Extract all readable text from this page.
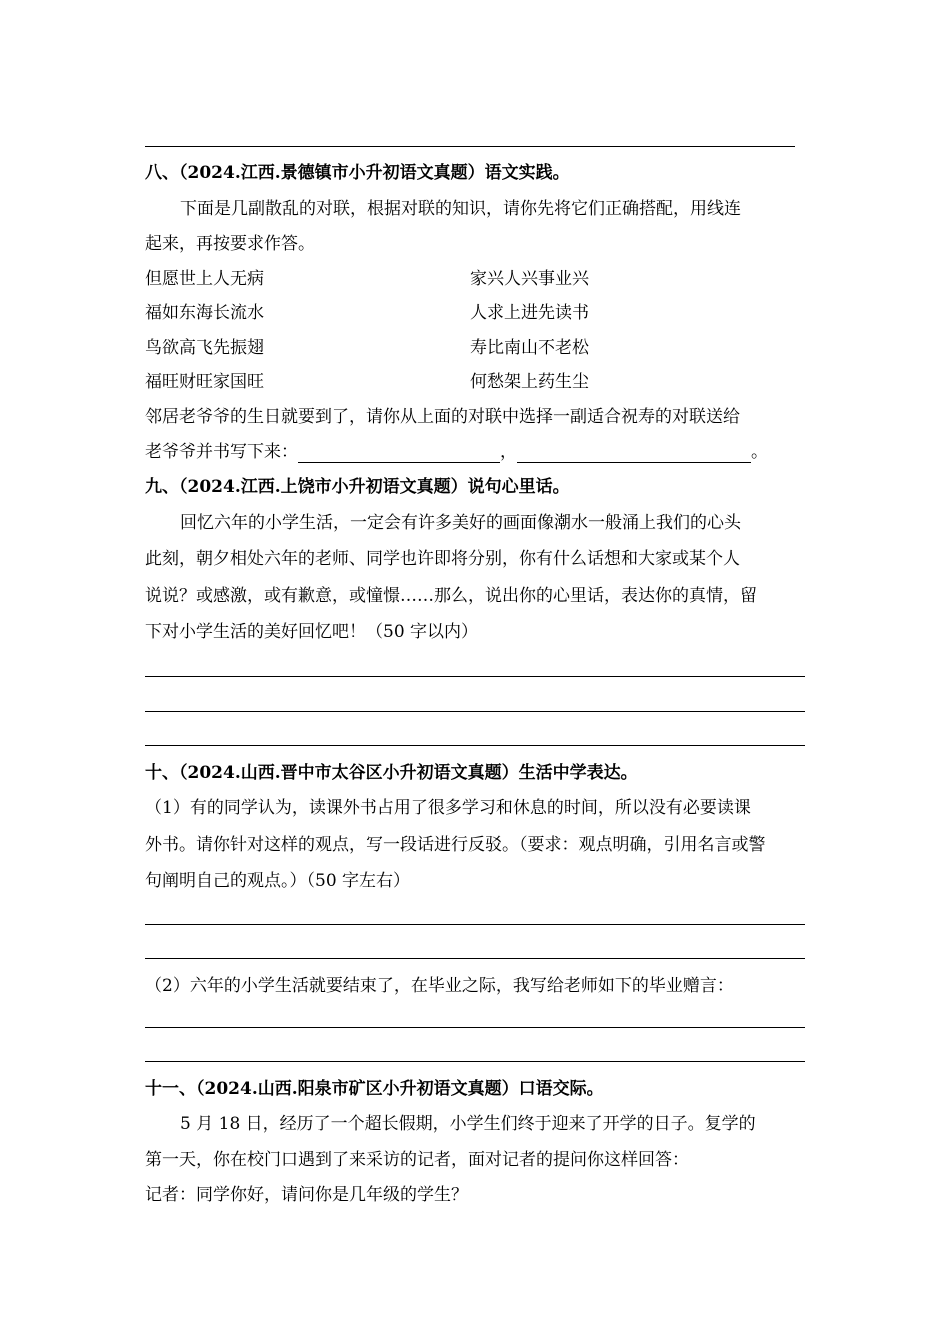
八、（2024.江西.景德镇市小升初语文真题）语文实践。
下面是几副散乱的对联，根据对联的知识，请你先将它们正确搭配，用线连
起来，再按要求作答。
但愿世上人无病	家兴人兴事业兴
福如东海长流水	人求上进先读书
鸟欲高飞先振翅	寿比南山不老松
福旺财旺家国旺	何愁架上药生尘
邻居老爷爷的生日就要到了，请你从上面的对联中选择一副适合祝寿的对联送给
老爷爷并书写下来：	，	。
九、（2024.江西.上饶市小升初语文真题）说句心里话。
回忆六年的小学生活，一定会有许多美好的画面像潮水一般涌上我们的心头
此刻，朝夕相处六年的老师、同学也许即将分别，你有什么话想和大家或某个人
说说？或感激，或有歉意，或憧憬……那么，说出你的心里话，表达你的真情，留
下对小学生活的美好回忆吧！（50 字以内）
十、（2024.山西.晋中市太谷区小升初语文真题）生活中学表达。
（1）有的同学认为，读课外书占用了很多学习和休息的时间，所以没有必要读课
外书。请你针对这样的观点，写一段话进行反驳。（要求：观点明确，引用名言或警
句阐明自己的观点。）（50 字左右）
（2）六年的小学生活就要结束了，在毕业之际，我写给老师如下的毕业赠言：
十一、（2024.山西.阳泉市矿区小升初语文真题）口语交际。
5 月 18 日，经历了一个超长假期，小学生们终于迎来了开学的日子。复学的
第一天，你在校门口遇到了来采访的记者，面对记者的提问你这样回答：
记者：同学你好，请问你是几年级的学生？
